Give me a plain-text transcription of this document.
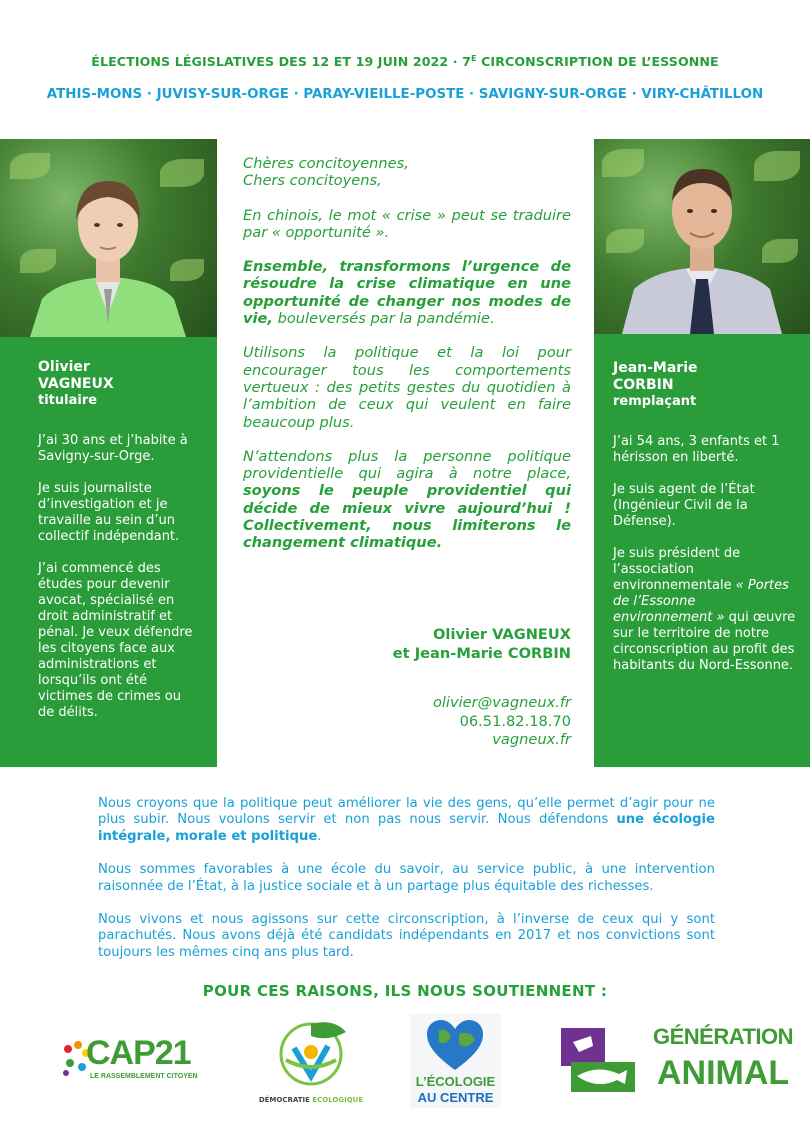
ÉLECTIONS LÉGISLATIVES DES 12 ET 19 JUIN $2022 \cdot 7^E$ CIRCONSCRIPTION DE L’ESSONNE
ATHIS-MONS · JUVISY-SUR-ORGE · PARAY-VIEILLE-POSTE · SAVIGNY-SUR-ORGE · VIRY-CHÂTILLON
Olivier
VAGNEUX
titulaire

J’ai 30 ans et j’habite à Savigny-sur-Orge.

Je suis journaliste d’investigation et je travaille au sein d’un collectif indépendant.

J’ai commencé des études pour devenir avocat, spécialisé en droit administratif et pénal. Je veux défendre les citoyens face aux administrations et lorsqu’ils ont été victimes de crimes ou de délits.

Jean-Marie
CORBIN
remplaçant

J’ai 54 ans, 3 enfants et 1 hérisson en liberté.

Je suis agent de l’État (Ingénieur Civil de la Défense).

Je suis président de l’association environnementale « Portes de l’Essonne environnement » qui œuvre sur le territoire de notre circonscription au profit des habitants du Nord-Essonne.

Chères concitoyennes,

Chers concitoyens,

En chinois, le mot « crise » peut se traduire par « opportunité ».

Ensemble, transformons l’urgence de résoudre la crise climatique en une opportunité de changer nos modes de vie, bouleversés par la pandémie.

Utilisons la politique et la loi pour encourager tous les comportements vertueux : des petits gestes du quotidien à l’ambition de ceux qui veulent en faire beaucoup plus.

N’attendons plus la personne politique providentielle qui agira à notre place, soyons le peuple providentiel qui décide de mieux vivre aujourd’hui ! Collectivement, nous limiterons le changement climatique.

Olivier VAGNEUX
et Jean-Marie CORBIN
olivier@vagneux.fr
06.51.82.18.70
vagneux.fr

Nous croyons que la politique peut améliorer la vie des gens, qu’elle permet d’agir pour ne plus subir. Nous voulons servir et non pas nous servir. Nous défendons une écologie intégrale, morale et politique.

Nous sommes favorables à une école du savoir, au service public, à une intervention raisonnée de l’État, à la justice sociale et à un partage plus équitable des richesses.

Nous vivons et nous agissons sur cette circonscription, à l’inverse de ceux qui y sont parachutés. Nous avons déjà été candidats indépendants en 2017 et nos convictions sont toujours les mêmes cinq ans plus tard.

POUR CES RAISONS, ILS NOUS SOUTIENNENT :
CAP21
LE RASSEMBLEMENT CITOYEN
DÉMOCRATIE ÉCOLOGIQUE
L’ÉCOLOGIE
AU CENTRE
GÉNÉRATION
ANIMAL
